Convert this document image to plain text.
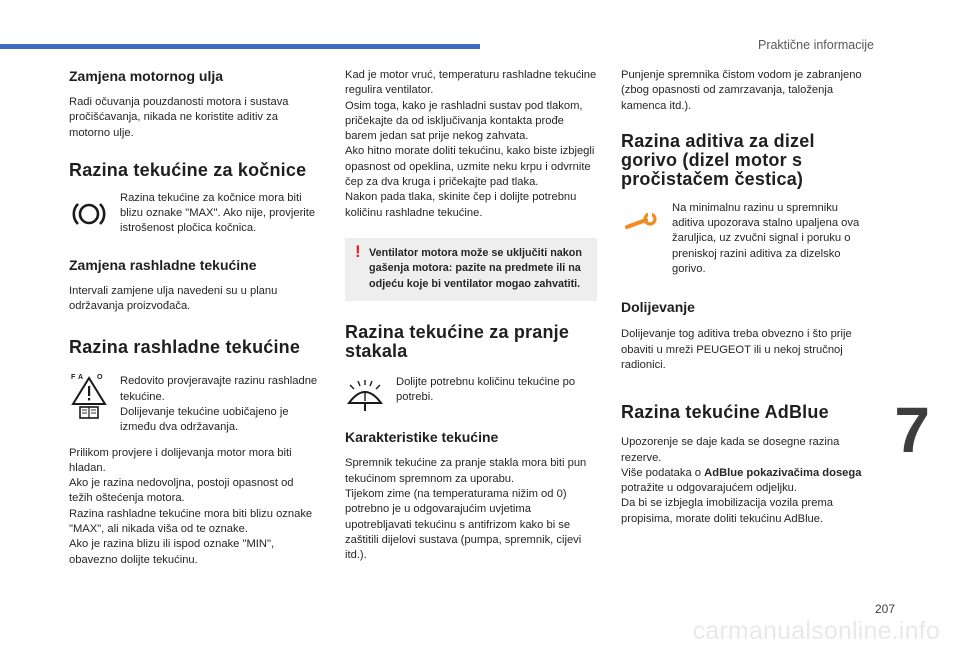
Praktične informacije
7
207
carmanualsonline.info
Zamjena motornog ulja

Radi očuvanja pouzdanosti motora i sustava pročišćavanja, nikada ne koristite aditiv za motorno ulje.

Razina tekućine za kočnice
Razina tekućine za kočnice mora biti blizu oznake "MAX". Ako nije, provjerite istrošenost pločica kočnica.
Zamjena rashladne tekućine

Intervali zamjene ulja navedeni su u planu održavanja proizvođača.

Razina rashladne tekućine
F A O Redovito provjeravajte razinu rashladne tekućine.
Dolijevanje tekućine uobičajeno je između dva održavanja.

Prilikom provjere i dolijevanja motor mora biti hladan.
Ako je razina nedovoljna, postoji opasnost od težih oštećenja motora.
Razina rashladne tekućine mora biti blizu oznake "MAX", ali nikada viša od te oznake.
Ako je razina blizu ili ispod oznake "MIN", obavezno dolijte tekućinu.

Kad je motor vruć, temperaturu rashladne tekućine regulira ventilator.
Osim toga, kako je rashladni sustav pod tlakom, pričekajte da od isključivanja kontakta prođe barem jedan sat prije nekog zahvata.
Ako hitno morate doliti tekućinu, kako biste izbjegli opasnost od opeklina, uzmite neku krpu i odvrnite čep za dva kruga i pričekajte pad tlaka.
Nakon pada tlaka, skinite čep i dolijte potrebnu količinu rashladne tekućine.

! Ventilator motora može se uključiti nakon gašenja motora: pazite na predmete ili na odjeću koje bi ventilator mogao zahvatiti.
Razina tekućine za pranje stakala
Dolijte potrebnu količinu tekućine po potrebi.
Karakteristike tekućine

Spremnik tekućine za pranje stakla mora biti pun tekućinom spremnom za uporabu.
Tijekom zime (na temperaturama nižim od 0) potrebno je u odgovarajućim uvjetima upotrebljavati tekućinu s antifrizom kako bi se zaštitili dijelovi sustava (pumpa, spremnik, cijevi itd.).

Punjenje spremnika čistom vodom je zabranjeno (zbog opasnosti od zamrzavanja, taloženja kamenca itd.).

Razina aditiva za dizel gorivo (dizel motor s pročistačem čestica)
Na minimalnu razinu u spremniku aditiva upozorava stalno upaljena ova žaruljica, uz zvučni signal i poruku o preniskoj razini aditiva za dizelsko gorivo.
Dolijevanje

Dolijevanje tog aditiva treba obvezno i što prije obaviti u mreži PEUGEOT ili u nekoj stručnoj radionici.

Razina tekućine AdBlue

Upozorenje se daje kada se dosegne razina rezerve.
Više podataka o AdBlue pokazivačima dosega potražite u odgovarajućem odjeljku.
Da bi se izbjegla imobilizacija vozila prema propisima, morate doliti tekućinu AdBlue.
